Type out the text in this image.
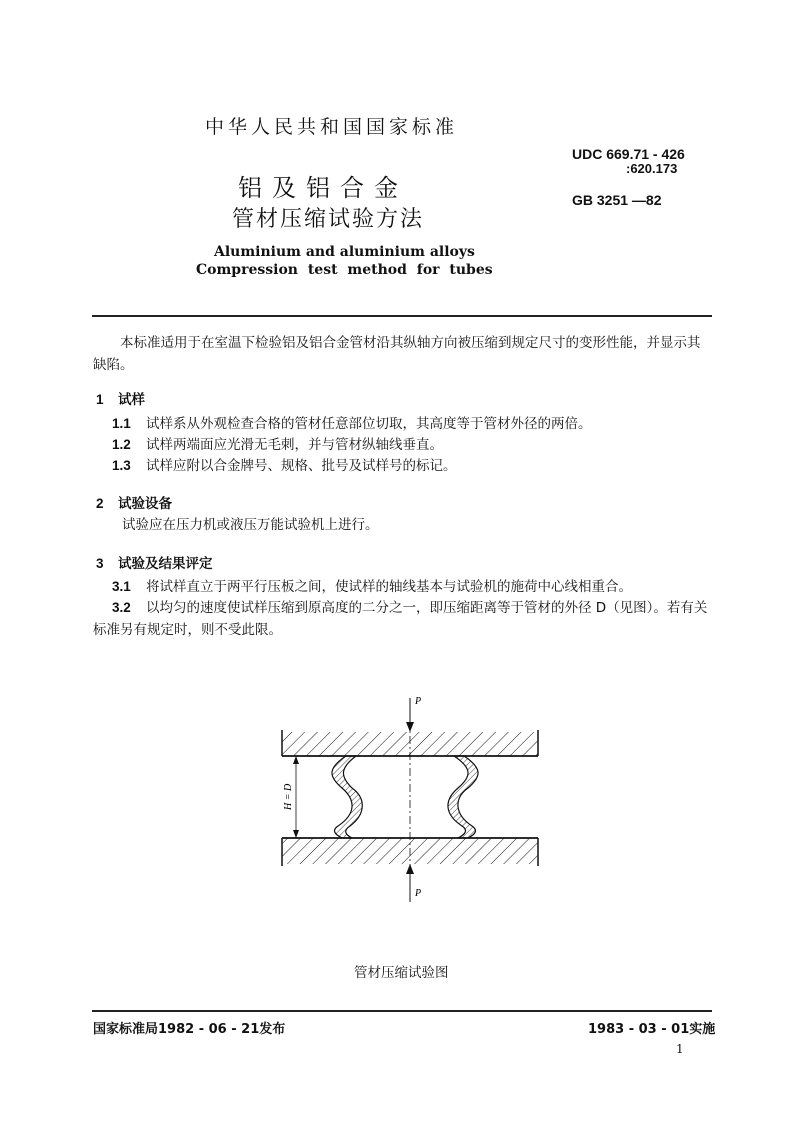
中华人民共和国国家标准
铝及铝合金
管材压缩试验方法
Aluminium and aluminium alloys
Compression test method for tubes
UDC 669.71 - 426
:620.173
GB 3251 —82
本标准适用于在室温下检验铝及铝合金管材沿其纵轴方向被压缩到规定尺寸的变形性能，并显示其缺陷。
1 试样
1.1 试样系从外观检查合格的管材任意部位切取，其高度等于管材外径的两倍。
1.2 试样两端面应光滑无毛刺，并与管材纵轴线垂直。
1.3 试样应附以合金牌号、规格、批号及试样号的标记。
2 试验设备
试验应在压力机或液压万能试验机上进行。
3 试验及结果评定
3.1 将试样直立于两平行压板之间，使试样的轴线基本与试验机的施荷中心线相重合。
3.2 以均匀的速度使试样压缩到原高度的二分之一，即压缩距离等于管材的外径 D（见图）。若有关标准另有规定时，则不受此限。
P
P
H = D
管材压缩试验图
国家标准局1982 - 06 - 21发布	1983 - 03 - 01实施
1
